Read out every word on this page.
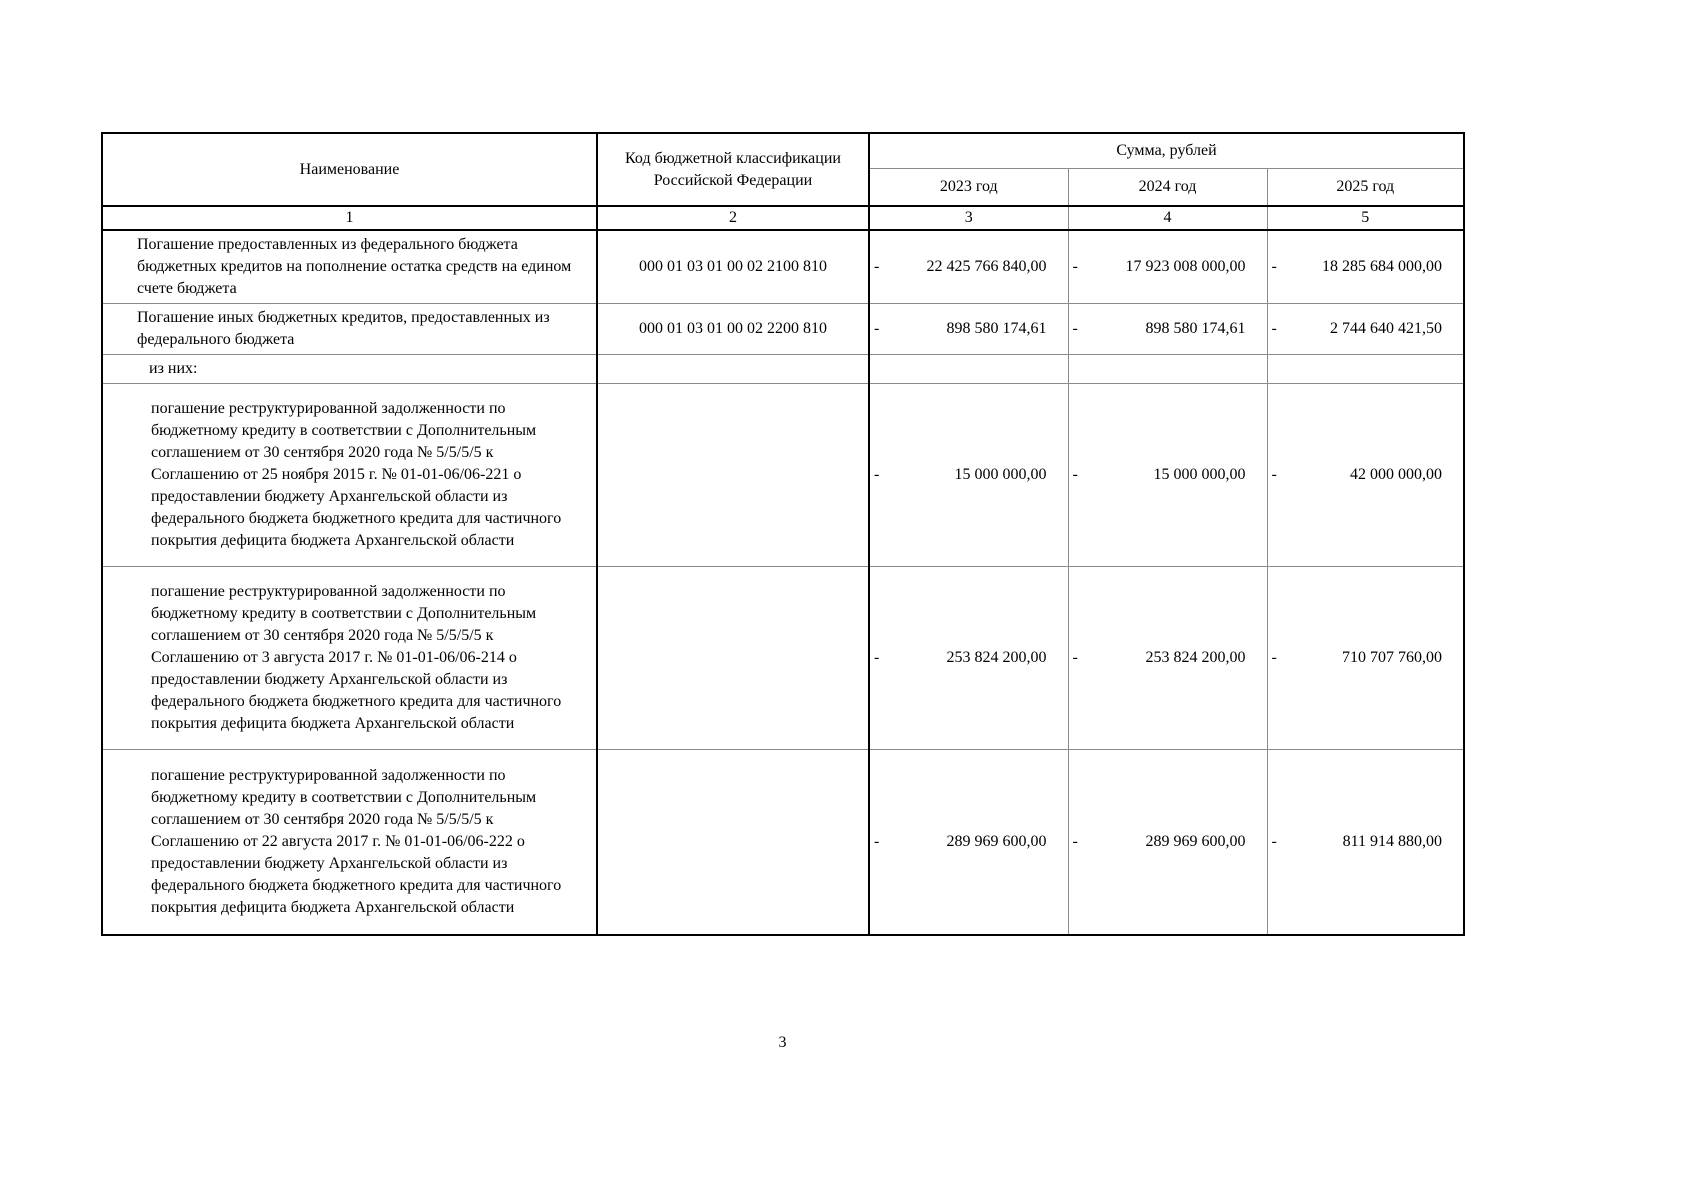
Наименование	Код бюджетной классификации Российской Федерации	Сумма, рублей		
		2023 год	2024 год	2025 год
1	2	3	4	5
Погашение предоставленных из федерального бюджета бюджетных кредитов на пополнение остатка средств на едином счете бюджета	000 01 03 01 00 02 2100 810	- 22 425 766 840,00	- 17 923 008 000,00	- 18 285 684 000,00
Погашение иных бюджетных кредитов, предоставленных из федерального бюджета	000 01 03 01 00 02 2200 810	- 898 580 174,61	- 898 580 174,61	- 2 744 640 421,50
из них:				
погашение реструктурированной задолженности по бюджетному кредиту в соответствии с Дополнительным соглашением от 30 сентября 2020 года № 5/5/5/5 к Соглашению от 25 ноября 2015 г. № 01-01-06/06-221 о предоставлении бюджету Архангельской области из федерального бюджета бюджетного кредита для частичного покрытия дефицита бюджета Архангельской области		- 15 000 000,00	- 15 000 000,00	- 42 000 000,00
погашение реструктурированной задолженности по бюджетному кредиту в соответствии с Дополнительным соглашением от 30 сентября 2020 года № 5/5/5/5 к Соглашению от 3 августа 2017 г. № 01-01-06/06-214 о предоставлении бюджету Архангельской области из федерального бюджета бюджетного кредита для частичного покрытия дефицита бюджета Архангельской области		- 253 824 200,00	- 253 824 200,00	- 710 707 760,00
погашение реструктурированной задолженности по бюджетному кредиту в соответствии с Дополнительным соглашением от 30 сентября 2020 года № 5/5/5/5 к Соглашению от 22 августа 2017 г. № 01-01-06/06-222 о предоставлении бюджету Архангельской области из федерального бюджета бюджетного кредита для частичного покрытия дефицита бюджета Архангельской области		- 289 969 600,00	- 289 969 600,00	- 811 914 880,00
3
